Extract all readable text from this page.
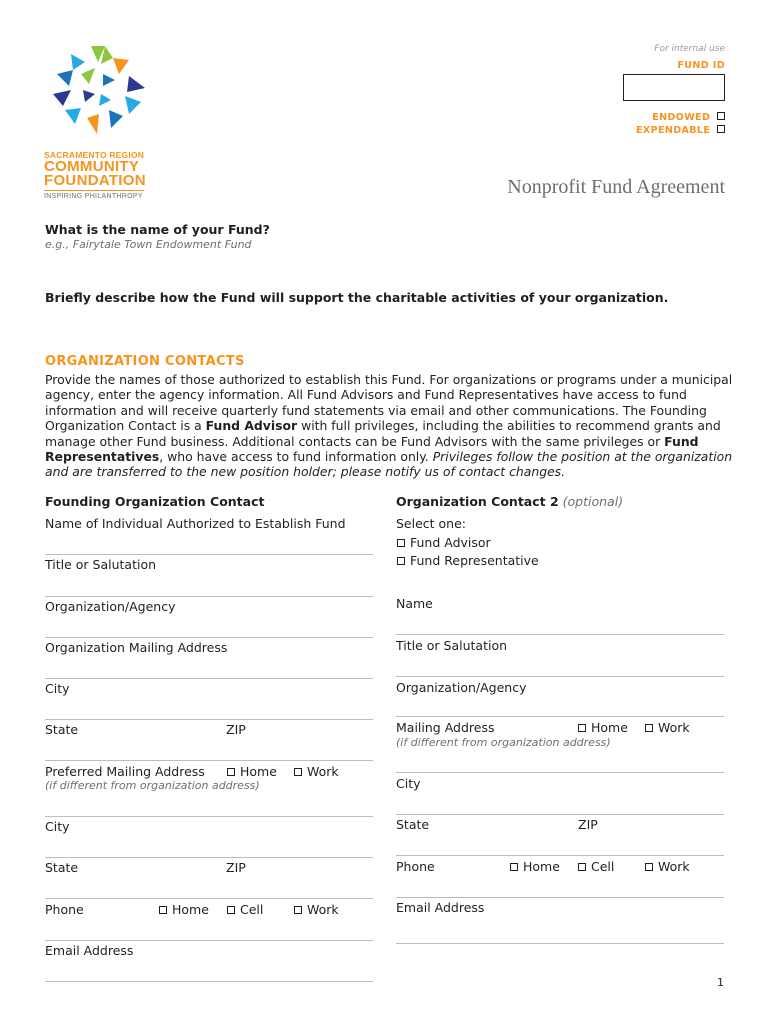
SACRAMENTO REGION
COMMUNITY
FOUNDATION
INSPIRING PHILANTHROPY
For internal use
FUND ID
ENDOWED
EXPENDABLE
Nonprofit Fund Agreement
What is the name of your Fund?
e.g., Fairytale Town Endowment Fund
Briefly describe how the Fund will support the charitable activities of your organization.
ORGANIZATION CONTACTS
Provide the names of those authorized to establish this Fund. For organizations or programs under a municipal agency, enter the agency information. All Fund Advisors and Fund Representatives have access to fund information and will receive quarterly fund statements via email and other communications. The Founding Organization Contact is a Fund Advisor with full privileges, including the abilities to recommend grants and manage other Fund business. Additional contacts can be Fund Advisors with the same privileges or Fund Representatives, who have access to fund information only. Privileges follow the position at the organization and are transferred to the new position holder; please notify us of contact changes.
Founding Organization Contact
Name of Individual Authorized to Establish Fund
Title or Salutation
Organization/Agency
Organization Mailing Address
City
State	ZIP
Preferred Mailing Address	Home	Work
(if different from organization address)
City
State	ZIP
Phone	Home	Cell	Work
Email Address
Organization Contact 2 (optional)
Select one:
Fund Advisor
Fund Representative
Name
Title or Salutation
Organization/Agency
Mailing Address	Home	Work
(if different from organization address)
City
State	ZIP
Phone	Home	Cell	Work
Email Address
1
